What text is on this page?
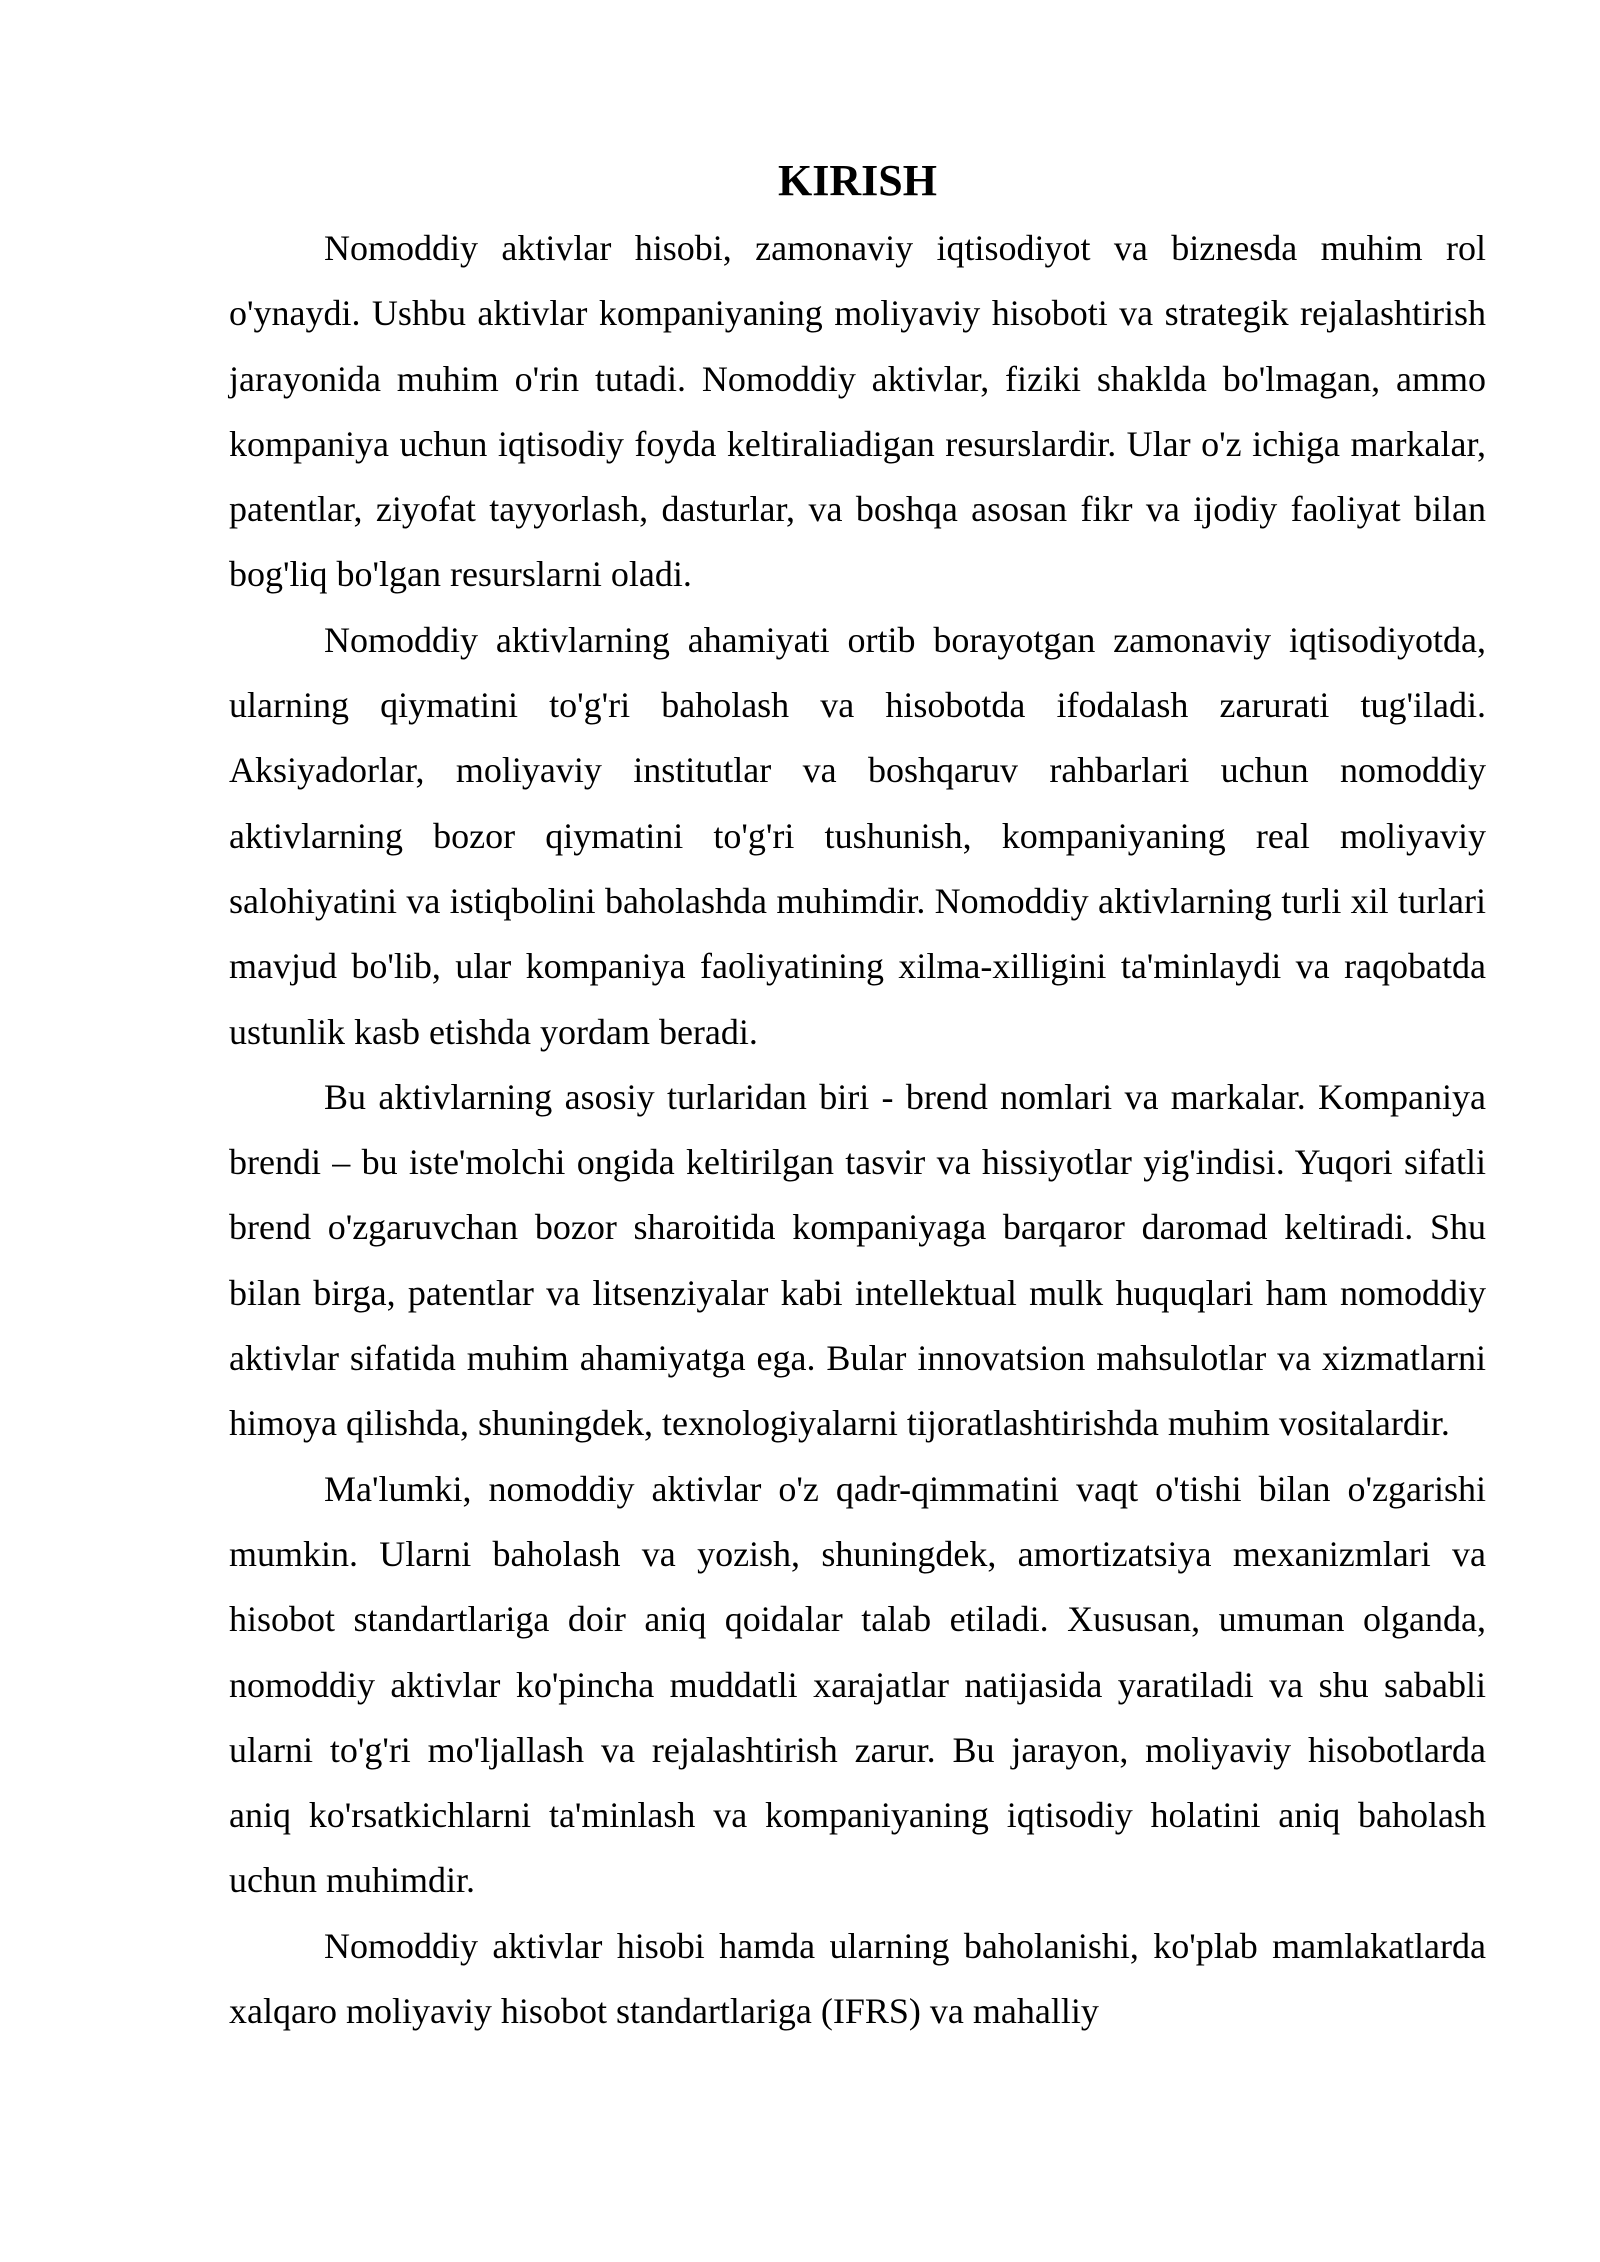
KIRISH

Nomoddiy aktivlar hisobi, zamonaviy iqtisodiyot va biznesda muhim rol o'ynaydi. Ushbu aktivlar kompaniyaning moliyaviy hisoboti va strategik rejalashtirish jarayonida muhim o'rin tutadi. Nomoddiy aktivlar, fiziki shaklda bo'lmagan, ammo kompaniya uchun iqtisodiy foyda keltiraliadigan resurslardir. Ular o'z ichiga markalar, patentlar, ziyofat tayyorlash, dasturlar, va boshqa asosan fikr va ijodiy faoliyat bilan bog'liq bo'lgan resurslarni oladi.

Nomoddiy aktivlarning ahamiyati ortib borayotgan zamonaviy iqtisodiyotda, ularning qiymatini to'g'ri baholash va hisobotda ifodalash zarurati tug'iladi. Aksiyadorlar, moliyaviy institutlar va boshqaruv rahbarlari uchun nomoddiy aktivlarning bozor qiymatini to'g'ri tushunish, kompaniyaning real moliyaviy salohiyatini va istiqbolini baholashda muhimdir. Nomoddiy aktivlarning turli xil turlari mavjud bo'lib, ular kompaniya faoliyatining xilma-xilligini ta'minlaydi va raqobatda ustunlik kasb etishda yordam beradi.

Bu aktivlarning asosiy turlaridan biri - brend nomlari va markalar. Kompaniya brendi – bu iste'molchi ongida keltirilgan tasvir va hissiyotlar yig'indisi. Yuqori sifatli brend o'zgaruvchan bozor sharoitida kompaniyaga barqaror daromad keltiradi. Shu bilan birga, patentlar va litsenziyalar kabi intellektual mulk huquqlari ham nomoddiy aktivlar sifatida muhim ahamiyatga ega. Bular innovatsion mahsulotlar va xizmatlarni himoya qilishda, shuningdek, texnologiyalarni tijoratlashtirishda muhim vositalardir.

Ma'lumki, nomoddiy aktivlar o'z qadr-qimmatini vaqt o'tishi bilan o'zgarishi mumkin. Ularni baholash va yozish, shuningdek, amortizatsiya mexanizmlari va hisobot standartlariga doir aniq qoidalar talab etiladi. Xususan, umuman olganda, nomoddiy aktivlar ko'pincha muddatli xarajatlar natijasida yaratiladi va shu sababli ularni to'g'ri mo'ljallash va rejalashtirish zarur. Bu jarayon, moliyaviy hisobotlarda aniq ko'rsatkichlarni ta'minlash va kompaniyaning iqtisodiy holatini aniq baholash uchun muhimdir.

Nomoddiy aktivlar hisobi hamda ularning baholanishi, ko'plab mamlakatlarda xalqaro moliyaviy hisobot standartlariga (IFRS) va mahalliy
